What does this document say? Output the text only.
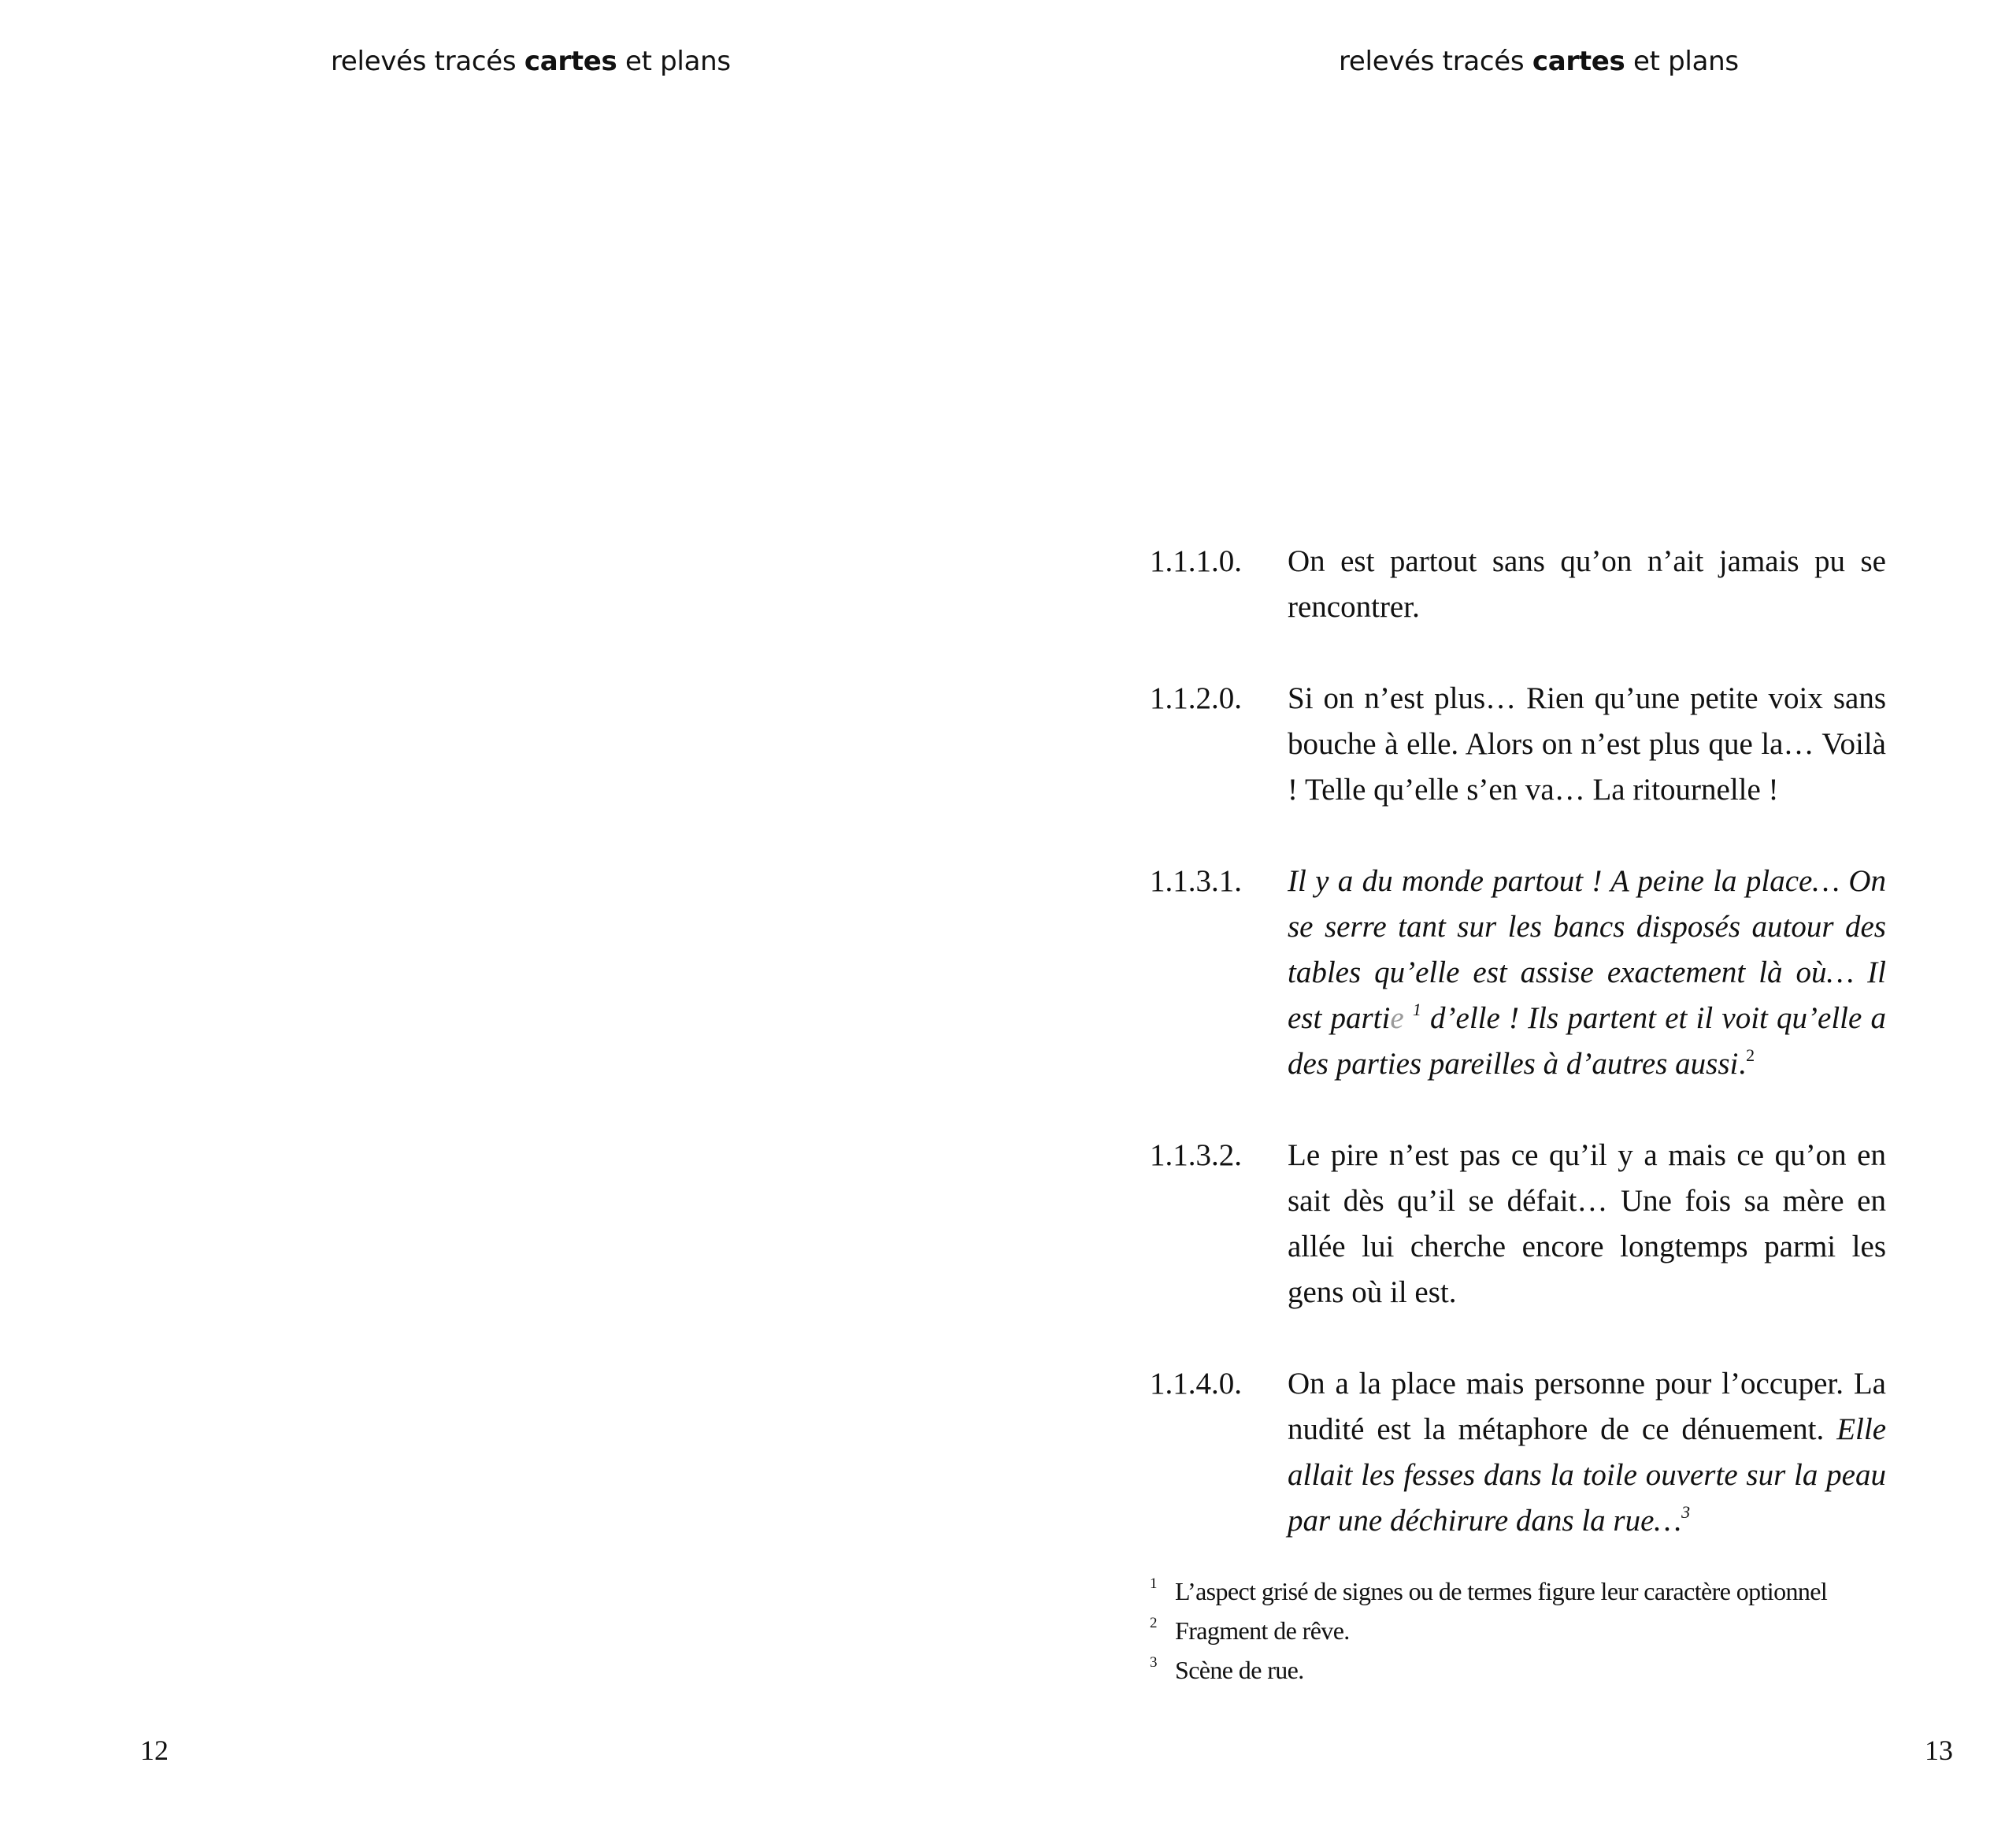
relevés tracés cartes et plans
12
relevés tracés cartes et plans
1.1.1.0.	On est partout sans qu’on n’ait jamais pu se rencontrer.

1.1.2.0.	Si on n’est plus… Rien qu’une petite voix sans bouche à elle. Alors on n’est plus que la… Voilà ! Telle qu’elle s’en va… La ritournelle !

1.1.3.1.	Il y a du monde partout ! A peine la place… On se serre tant sur les bancs disposés autour des tables qu’elle est assise exactement là où… Il est partie $^1$ d’elle ! Ils partent et il voit qu’elle a des parties pareilles à d’autres aussi.$^2$

1.1.3.2.	Le pire n’est pas ce qu’il y a mais ce qu’on en sait dès qu’il se défait… Une fois sa mère en allée lui cherche encore longtemps parmi les gens où il est.

1.1.4.0.	On a la place mais personne pour l’occuper. La nudité est la métaphore de ce dénuement. Elle allait les fesses dans la toile ouverte sur la peau par une déchirure dans la rue…$^3$

1 L’aspect grisé de signes ou de termes figure leur caractère optionnel
2 Fragment de rêve.
3 Scène de rue.
13
